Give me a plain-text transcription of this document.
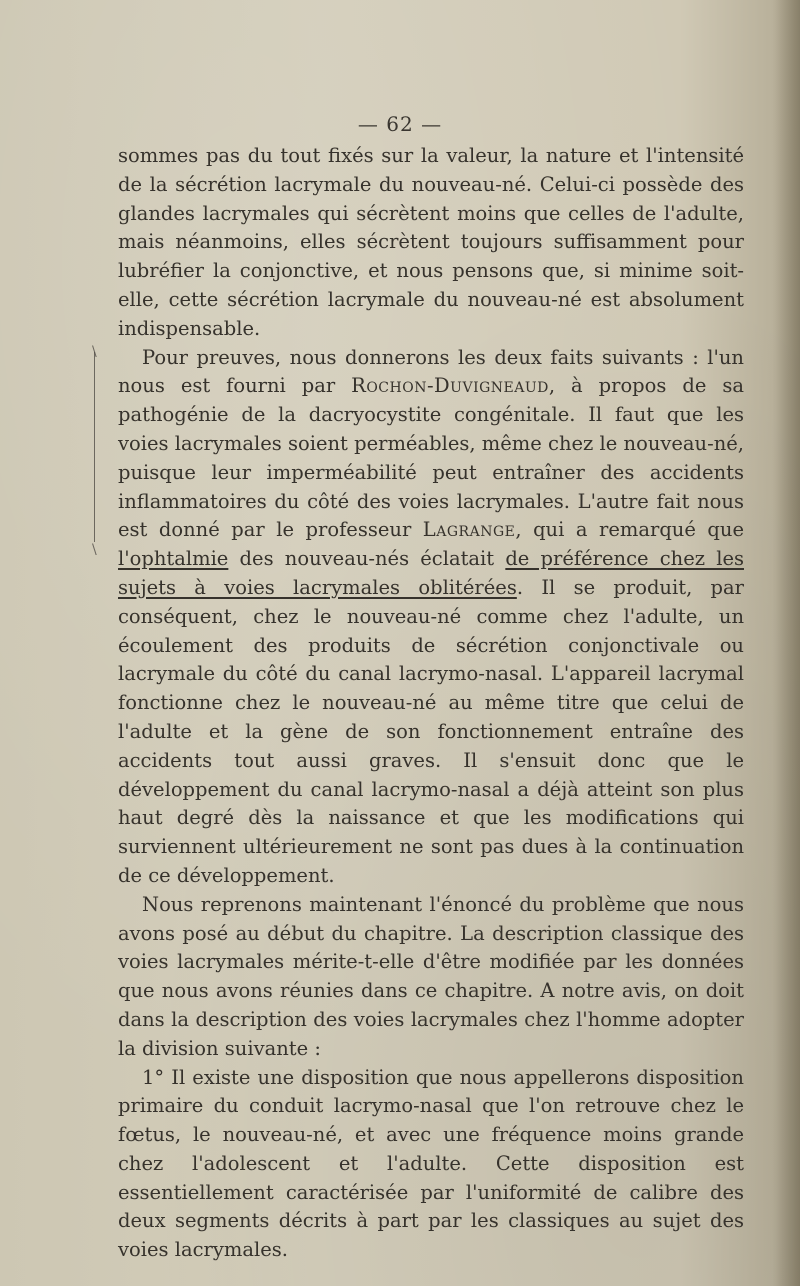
— 62 —
\
\

sommes pas du tout fixés sur la valeur, la nature et l'intensité de la sécrétion lacrymale du nouveau-né. Celui-ci possède des glandes lacrymales qui sécrètent moins que celles de l'adulte, mais néanmoins, elles sécrètent toujours suffisamment pour lubréfier la conjonctive, et nous pensons que, si minime soit-elle, cette sécrétion lacrymale du nouveau-né est absolument indispensable.

Pour preuves, nous donnerons les deux faits suivants : l'un nous est fourni par Rochon-Duvigneaud, à propos de sa pathogénie de la dacryocystite congénitale. Il faut que les voies lacrymales soient perméables, même chez le nouveau-né, puisque leur imperméabilité peut entraîner des accidents inflammatoires du côté des voies lacrymales. L'autre fait nous est donné par le professeur Lagrange, qui a remarqué que l'ophtalmie des nouveau-nés éclatait de préférence chez les sujets à voies lacrymales oblitérées. Il se produit, par conséquent, chez le nouveau-né comme chez l'adulte, un écoulement des produits de sécrétion conjonctivale ou lacrymale du côté du canal lacrymo-nasal. L'appareil lacrymal fonctionne chez le nouveau-né au même titre que celui de l'adulte et la gène de son fonctionnement entraîne des accidents tout aussi graves. Il s'ensuit donc que le développement du canal lacrymo-nasal a déjà atteint son plus haut degré dès la naissance et que les modifications qui surviennent ultérieurement ne sont pas dues à la continuation de ce développement.

Nous reprenons maintenant l'énoncé du problème que nous avons posé au début du chapitre. La description classique des voies lacrymales mérite-t-elle d'être modifiée par les données que nous avons réunies dans ce chapitre. A notre avis, on doit dans la description des voies lacrymales chez l'homme adopter la division suivante :

1° Il existe une disposition que nous appellerons disposition primaire du conduit lacrymo-nasal que l'on retrouve chez le fœtus, le nouveau-né, et avec une fréquence moins grande chez l'adolescent et l'adulte. Cette disposition est essentiellement caractérisée par l'uniformité de calibre des deux segments décrits à part par les classiques au sujet des voies lacrymales.
